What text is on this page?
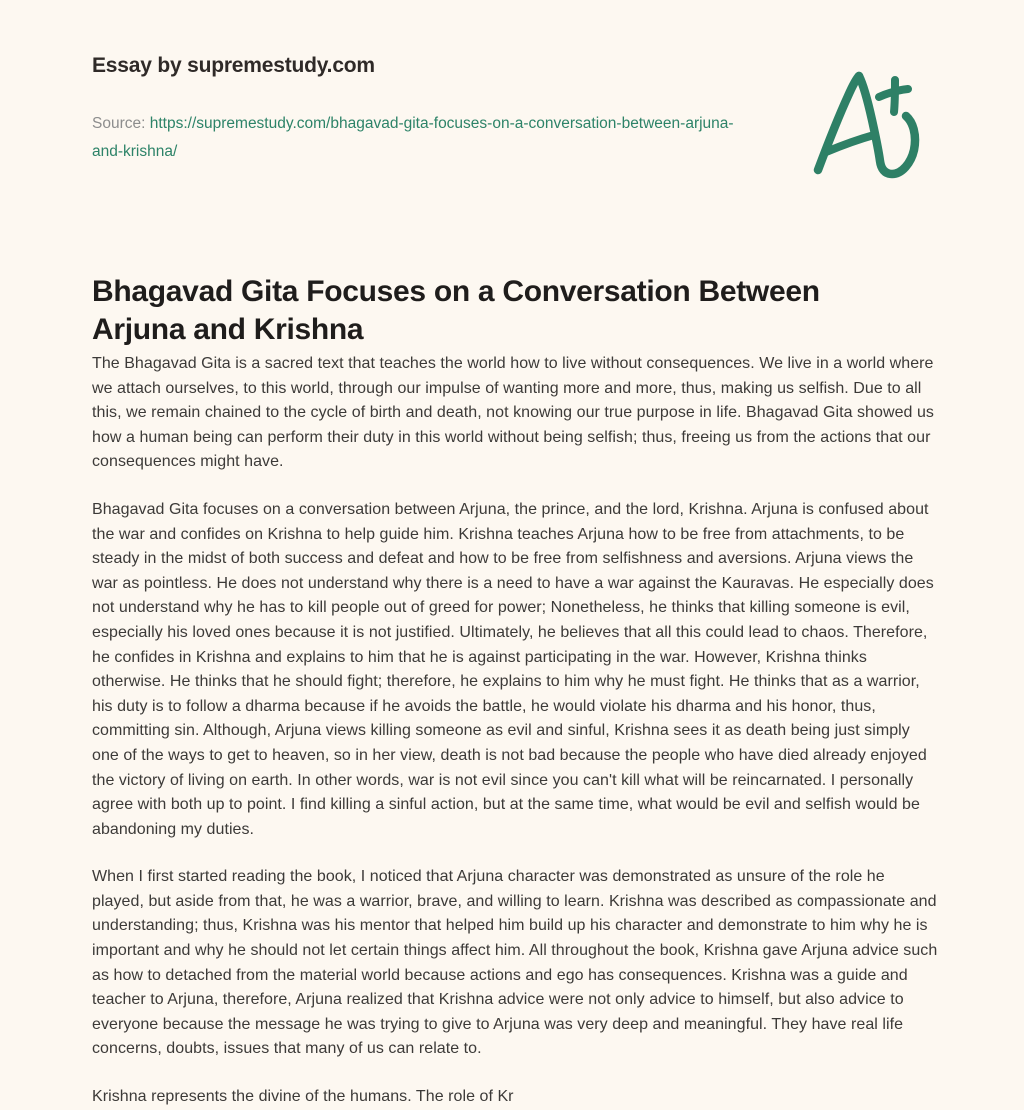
Essay by supremestudy.com
Source: https://supremestudy.com/bhagavad-gita-focuses-on-a-conversation-between-arjuna-and-krishna/
Bhagavad Gita Focuses on a Conversation Between Arjuna and Krishna

The Bhagavad Gita is a sacred text that teaches the world how to live without consequences. We live in a world where we attach ourselves, to this world, through our impulse of wanting more and more, thus, making us selfish. Due to all this, we remain chained to the cycle of birth and death, not knowing our true purpose in life. Bhagavad Gita showed us how a human being can perform their duty in this world without being selfish; thus, freeing us from the actions that our consequences might have.

Bhagavad Gita focuses on a conversation between Arjuna, the prince, and the lord, Krishna. Arjuna is confused about the war and confides on Krishna to help guide him. Krishna teaches Arjuna how to be free from attachments, to be steady in the midst of both success and defeat and how to be free from selfishness and aversions. Arjuna views the war as pointless. He does not understand why there is a need to have a war against the Kauravas. He especially does not understand why he has to kill people out of greed for power; Nonetheless, he thinks that killing someone is evil, especially his loved ones because it is not justified. Ultimately, he believes that all this could lead to chaos. Therefore, he confides in Krishna and explains to him that he is against participating in the war. However, Krishna thinks otherwise. He thinks that he should fight; therefore, he explains to him why he must fight. He thinks that as a warrior, his duty is to follow a dharma because if he avoids the battle, he would violate his dharma and his honor, thus, committing sin. Although, Arjuna views killing someone as evil and sinful, Krishna sees it as death being just simply one of the ways to get to heaven, so in her view, death is not bad because the people who have died already enjoyed the victory of living on earth. In other words, war is not evil since you can't kill what will be reincarnated. I personally agree with both up to point. I find killing a sinful action, but at the same time, what would be evil and selfish would be abandoning my duties.

When I first started reading the book, I noticed that Arjuna character was demonstrated as unsure of the role he played, but aside from that, he was a warrior, brave, and willing to learn. Krishna was described as compassionate and understanding; thus, Krishna was his mentor that helped him build up his character and demonstrate to him why he is important and why he should not let certain things affect him. All throughout the book, Krishna gave Arjuna advice such as how to detached from the material world because actions and ego has consequences. Krishna was a guide and teacher to Arjuna, therefore, Arjuna realized that Krishna advice were not only advice to himself, but also advice to everyone because the message he was trying to give to Arjuna was very deep and meaningful. They have real life concerns, doubts, issues that many of us can relate to.

Krishna represents the divine of the humans. The role of Kr
